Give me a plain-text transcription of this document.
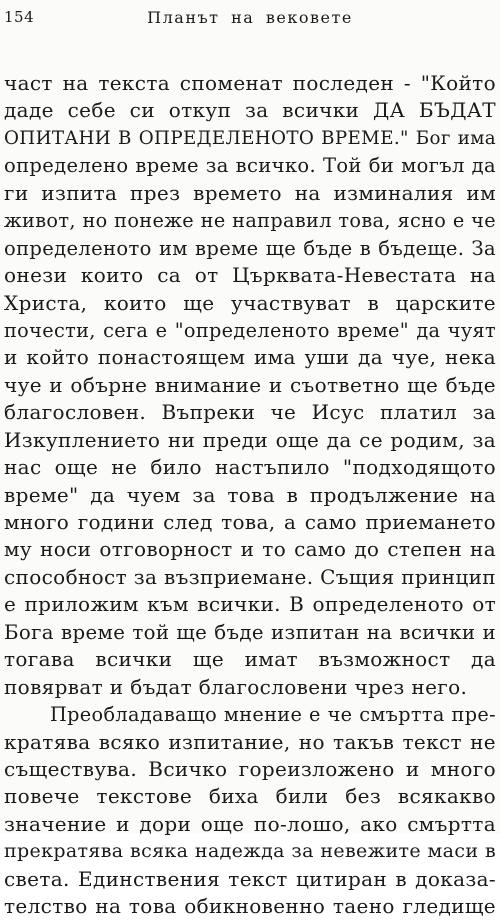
154	Планът на вековете
част на текста споменат последен - "Който
даде себе си откуп за всички ДА БЪДАТ
ОПИТАНИ В ОПРЕДЕЛЕНОТО ВРЕМЕ." Бог има
определено време за всичко. Той би могъл да
ги изпита през времето на изминалия им
живот, но понеже не направил това, ясно е че
определеното им време ще бъде в бъдеще. За
онези които са от Църквата-Невестата на
Христа, които ще участвуват в царските
почести, сега е "определеното време" да чуят
и който понастоящем има уши да чуе, нека
чуе и обърне внимание и съответно ще бъде
благословен. Въпреки че Исус платил за
Изкуплението ни преди още да се родим, за
нас още не било настъпило "подходящото
време" да чуем за това в продължение на
много години след това, а само приемането
му носи отговорност и то само до степен на
способност за възприемане. Същия принцип
е приложим към всички. В определеното от
Бога време той ще бъде изпитан на всички и
тогава всички ще имат възможност да
повярват и бъдат благословени чрез него.
Преобладаващо мнение е че смъртта пре-
кратява всяко изпитание, но такъв текст не
съществува. Всичко гореизложено и много
повече текстове биха били без всякакво
значение и дори още по-лошо, ако смъртта
прекратява всяка надежда за невежите маси в
света. Единствения текст цитиран в доказа-
телство на това обикновенно таено гледище
